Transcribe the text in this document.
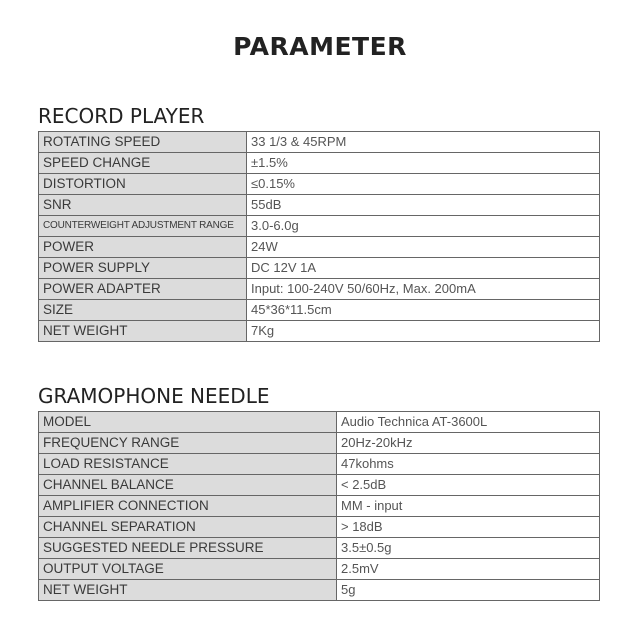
PARAMETER
RECORD PLAYER
ROTATING SPEED	33 1/3 & 45RPM
SPEED CHANGE	±1.5%
DISTORTION	≤0.15%
SNR	55dB
COUNTERWEIGHT ADJUSTMENT RANGE	3.0-6.0g
POWER	24W
POWER SUPPLY	DC 12V 1A
POWER ADAPTER	Input: 100-240V 50/60Hz, Max. 200mA
SIZE	45*36*11.5cm
NET WEIGHT	7Kg
GRAMOPHONE NEEDLE
MODEL	Audio Technica AT-3600L
FREQUENCY RANGE	20Hz-20kHz
LOAD RESISTANCE	47kohms
CHANNEL BALANCE	< 2.5dB
AMPLIFIER CONNECTION	MM - input
CHANNEL SEPARATION	> 18dB
SUGGESTED NEEDLE PRESSURE	3.5±0.5g
OUTPUT VOLTAGE	2.5mV
NET WEIGHT	5g
